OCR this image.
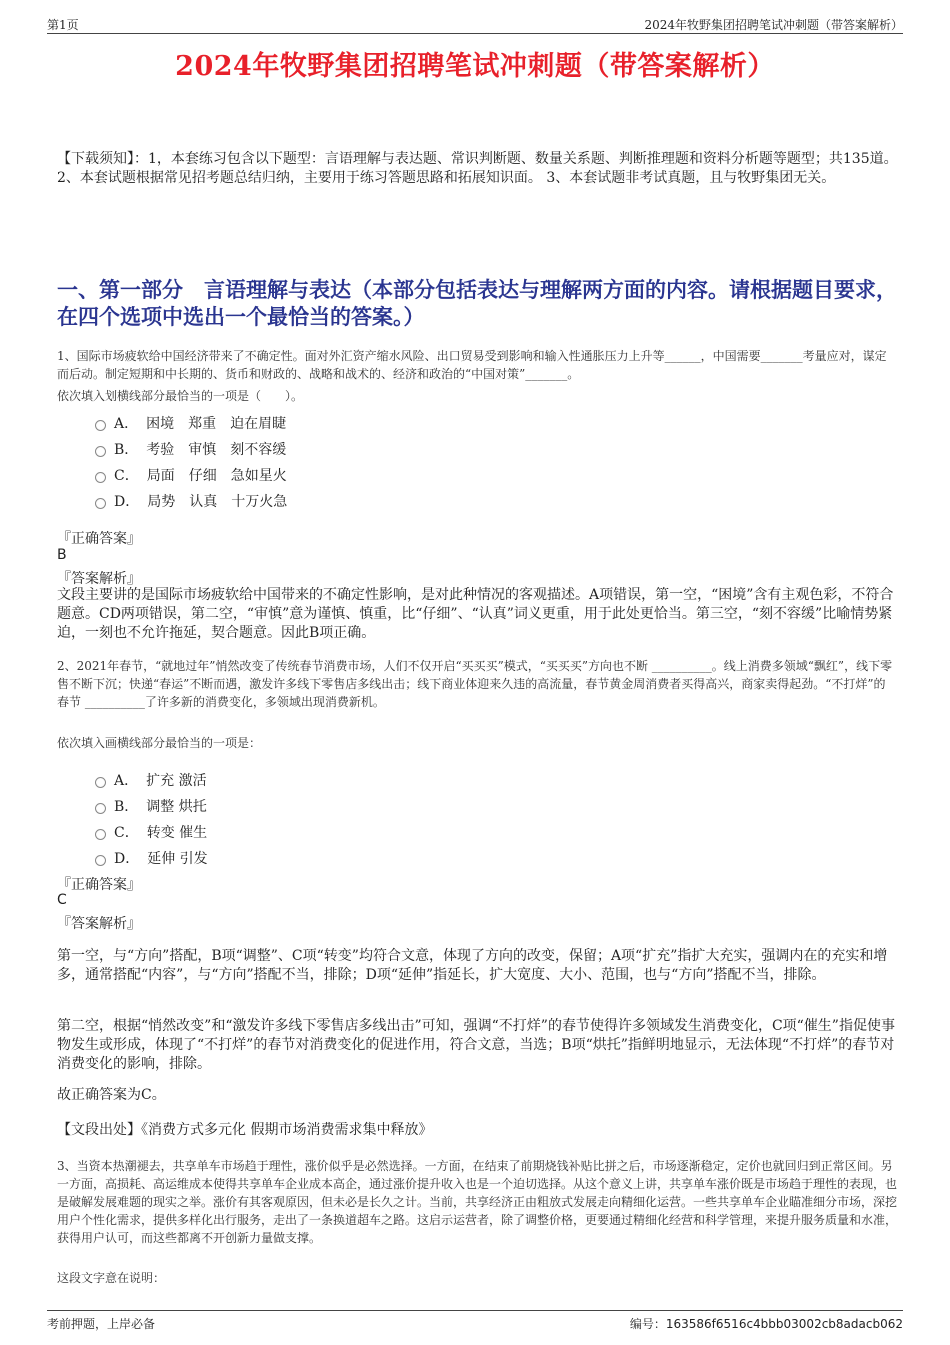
第1页	2024年牧野集团招聘笔试冲刺题（带答案解析）
2024年牧野集团招聘笔试冲刺题（带答案解析）

【下载须知】：1，本套练习包含以下题型：言语理解与表达题、常识判断题、数量关系题、判断推理题和资料分析题等题型；共135道。 2、本套试题根据常见招考题总结归纳，主要用于练习答题思路和拓展知识面。 3、本套试题非考试真题，且与牧野集团无关。

一、第一部分　言语理解与表达（本部分包括表达与理解两方面的内容。请根据题目要求，在四个选项中选出一个最恰当的答案。）

1、国际市场疲软给中国经济带来了不确定性。面对外汇资产缩水风险、出口贸易受到影响和输入性通胀压力上升等______，中国需要_______考量应对，谋定而后动。制定短期和中长期的、货币和财政的、战略和战术的、经济和政治的“中国对策”_______。

依次填入划横线部分最恰当的一项是（　　）。

A． 困境　郑重　迫在眉睫
B． 考验　审慎　刻不容缓
C． 局面　仔细　急如星火
D． 局势　认真　十万火急
『正确答案』
B
『答案解析』

文段主要讲的是国际市场疲软给中国带来的不确定性影响，是对此种情况的客观描述。A项错误，第一空，“困境”含有主观色彩，不符合题意。CD两项错误，第二空，“审慎”意为谨慎、慎重，比“仔细”、“认真”词义更重，用于此处更恰当。第三空，“刻不容缓”比喻情势紧迫，一刻也不允许拖延，契合题意。因此B项正确。

2、2021年春节，“就地过年”悄然改变了传统春节消费市场，人们不仅开启“买买买”模式，“买买买”方向也不断 __________。线上消费多领域“飘红”，线下零售不断下沉；快递“春运”不断而遇，激发许多线下零售店多线出击；线下商业体迎来久违的高流量，春节黄金周消费者买得高兴，商家卖得起劲。“不打烊”的春节 __________了许多新的消费变化，多领域出现消费新机。

依次填入画横线部分最恰当的一项是：

A． 扩充 激活
B． 调整 烘托
C． 转变 催生
D． 延伸 引发
『正确答案』
C
『答案解析』

第一空，与“方向”搭配，B项“调整”、C项“转变”均符合文意，体现了方向的改变，保留；A项“扩充”指扩大充实，强调内在的充实和增多，通常搭配“内容”，与“方向”搭配不当，排除；D项“延伸”指延长，扩大宽度、大小、范围，也与“方向”搭配不当，排除。

第二空，根据“悄然改变”和“激发许多线下零售店多线出击”可知，强调“不打烊”的春节使得许多领域发生消费变化，C项“催生”指促使事物发生或形成，体现了“不打烊”的春节对消费变化的促进作用，符合文意，当选；B项“烘托”指鲜明地显示，无法体现“不打烊”的春节对消费变化的影响，排除。

故正确答案为C。

【文段出处】《消费方式多元化 假期市场消费需求集中释放》

3、当资本热潮褪去，共享单车市场趋于理性，涨价似乎是必然选择。一方面，在结束了前期烧钱补贴比拼之后，市场逐渐稳定，定价也就回归到正常区间。另一方面，高损耗、高运维成本使得共享单车企业成本高企，通过涨价提升收入也是一个迫切选择。从这个意义上讲，共享单车涨价既是市场趋于理性的表现，也是破解发展难题的现实之举。涨价有其客观原因，但未必是长久之计。当前，共享经济正由粗放式发展走向精细化运营。一些共享单车企业瞄准细分市场，深挖用户个性化需求，提供多样化出行服务，走出了一条换道超车之路。这启示运营者，除了调整价格，更要通过精细化经营和科学管理，来提升服务质量和水准，获得用户认可，而这些都离不开创新力量做支撑。

这段文字意在说明：

考前押题，上岸必备	编号：163586f6516c4bbb03002cb8adacb062
